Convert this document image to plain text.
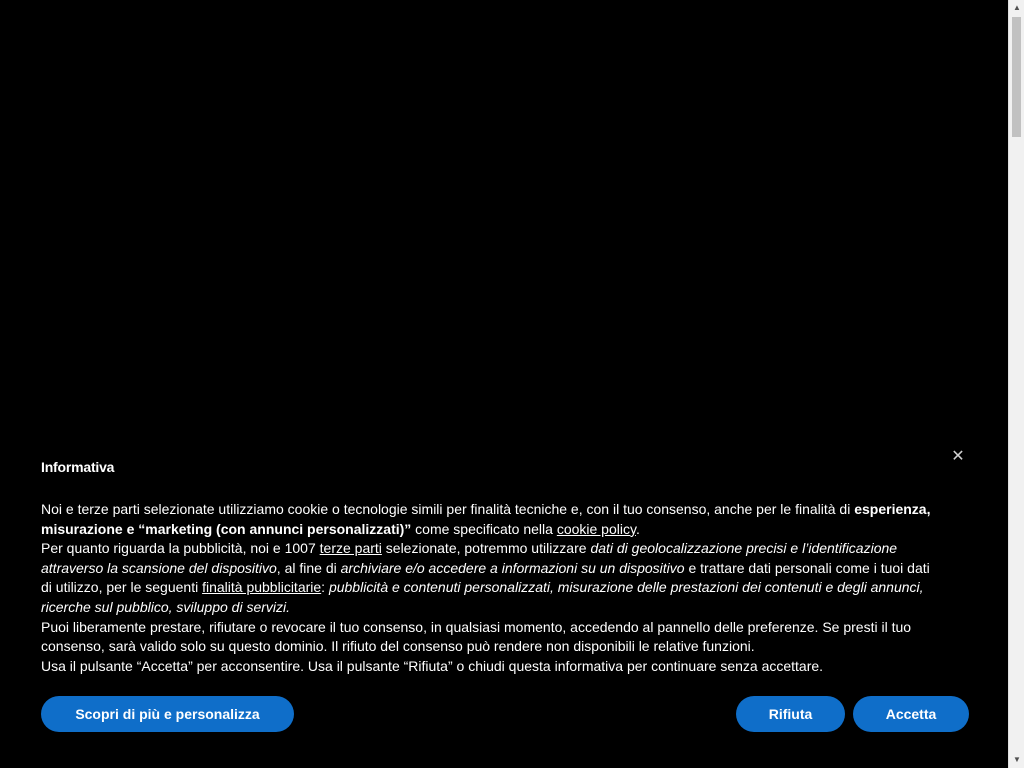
Informativa
✕

Noi e terze parti selezionate utilizziamo cookie o tecnologie simili per finalità tecniche e, con il tuo consenso, anche per le finalità di esperienza, misurazione e “marketing (con annunci personalizzati)” come specificato nella cookie policy.

Per quanto riguarda la pubblicità, noi e 1007 terze parti selezionate, potremmo utilizzare dati di geolocalizzazione precisi e l’identificazione attraverso la scansione del dispositivo, al fine di archiviare e/o accedere a informazioni su un dispositivo e trattare dati personali come i tuoi dati di utilizzo, per le seguenti finalità pubblicitarie: pubblicità e contenuti personalizzati, misurazione delle prestazioni dei contenuti e degli annunci, ricerche sul pubblico, sviluppo di servizi.

Puoi liberamente prestare, rifiutare o revocare il tuo consenso, in qualsiasi momento, accedendo al pannello delle preferenze. Se presti il tuo consenso, sarà valido solo su questo dominio. Il rifiuto del consenso può rendere non disponibili le relative funzioni.

Usa il pulsante “Accetta” per acconsentire. Usa il pulsante “Rifiuta” o chiudi questa informativa per continuare senza accettare.

Scopri di più e personalizza	Rifiuta	Accetta
▲
▼
